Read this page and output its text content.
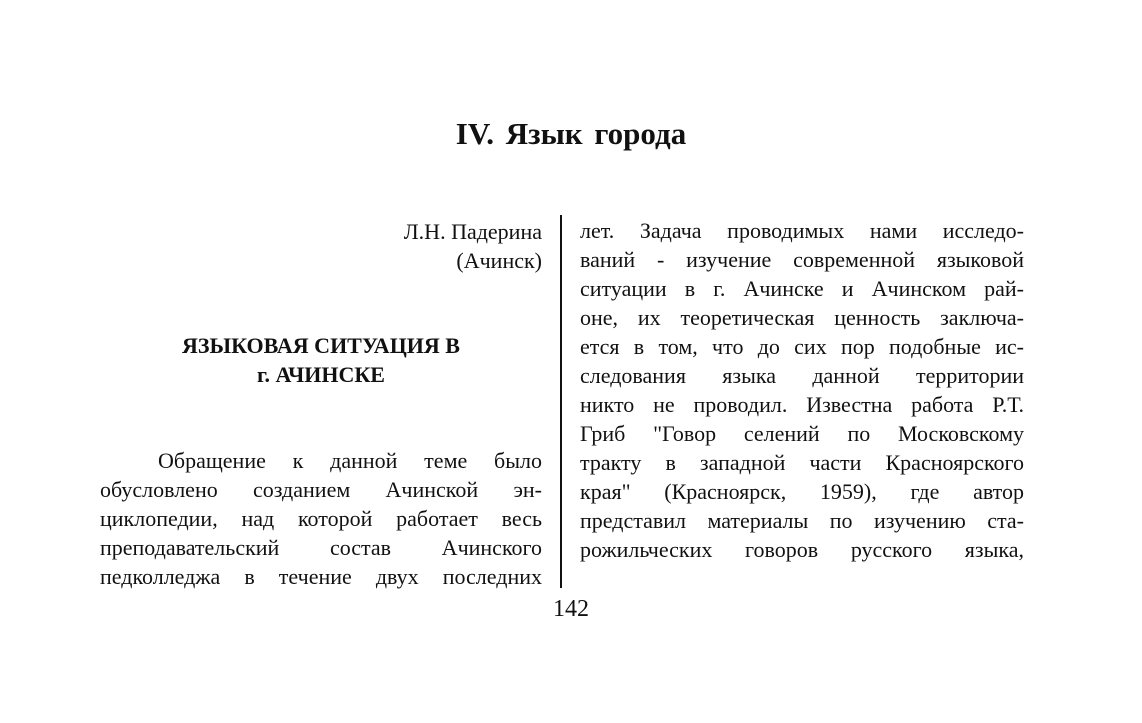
IV. Язык города
Л.Н. Падерина
(Ачинск)
ЯЗЫКОВАЯ СИТУАЦИЯ В
г. АЧИНСКЕ
Обращение к данной теме было
обусловлено созданием Ачинской эн-
циклопедии, над которой работает весь
преподавательский состав Ачинского
педколледжа в течение двух последних
лет. Задача проводимых нами исследо-
ваний - изучение современной языковой
ситуации в г. Ачинске и Ачинском рай-
оне, их теоретическая ценность заключа-
ется в том, что до сих пор подобные ис-
следования языка данной территории
никто не проводил. Известна работа Р.Т.
Гриб "Говор селений по Московскому
тракту в западной части Красноярского
края" (Красноярск, 1959), где автор
представил материалы по изучению ста-
рожильческих говоров русского языка,
142
